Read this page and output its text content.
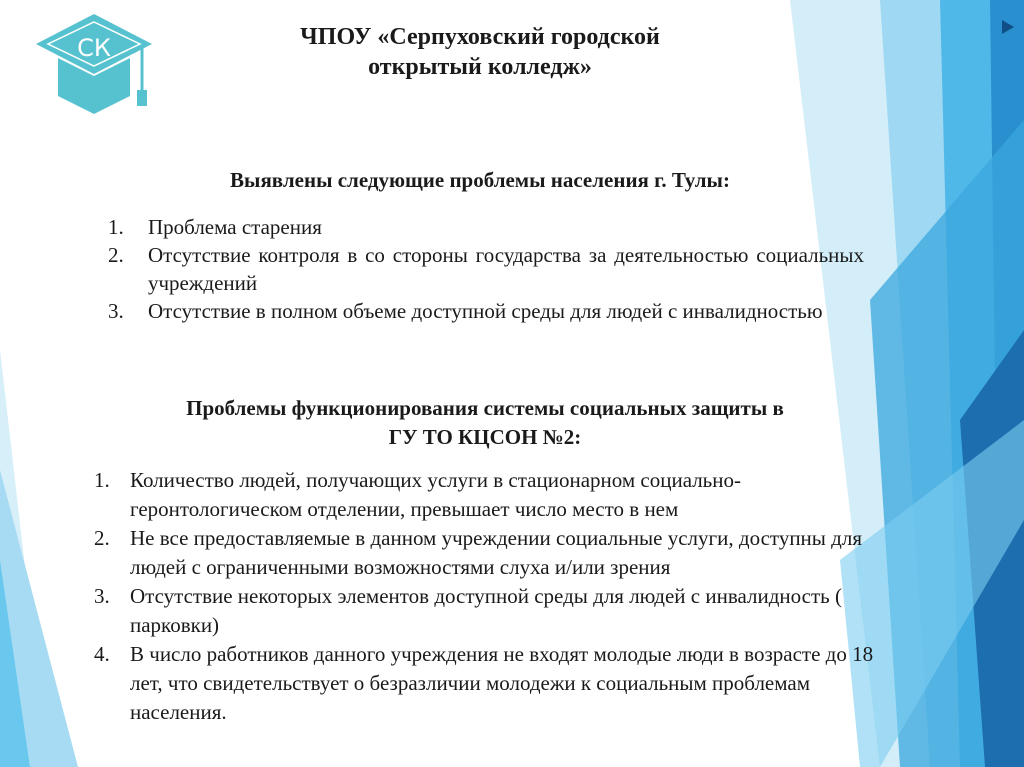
СК	ЧПОУ «Серпуховский городской
открытый колледж»
Выявлены следующие проблемы населения г. Тулы:
1. Проблема старения
2. Отсутствие контроля в со стороны государства за деятельностью социальных учреждений
3. Отсутствие в полном объеме доступной среды для людей с инвалидностью
Проблемы функционирования системы социальных защиты в
ГУ ТО КЦСОН №2:
1. Количество людей, получающих услуги в стационарном социально-геронтологическом отделении, превышает число место в нем
2. Не все предоставляемые в данном учреждении социальные услуги, доступны для людей с ограниченными возможностями слуха и/или зрения
3. Отсутствие некоторых элементов доступной среды для людей с инвалидность ( парковки)
4. В число работников данного учреждения не входят молодые люди в возрасте до 18 лет, что свидетельствует о безразличии молодежи к социальным проблемам населения.
